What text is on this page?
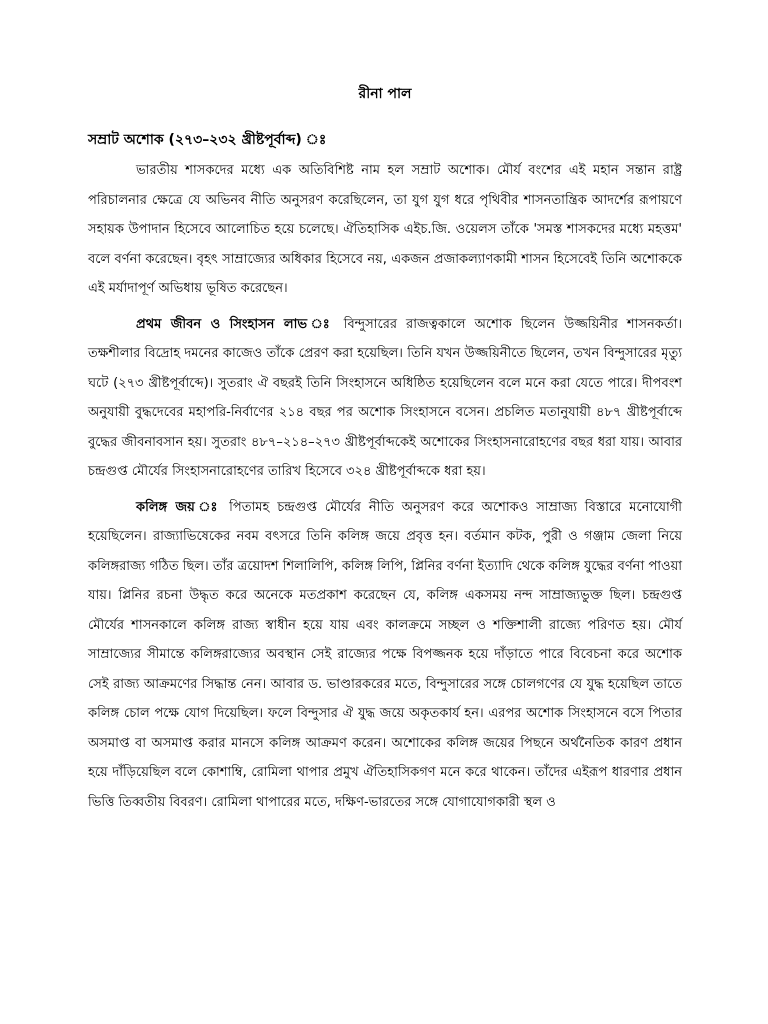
রীনা পাল
সম্রাট অশোক (২৭৩–২৩২ খ্রীষ্টপূর্বাব্দ) ঃ

ভারতীয় শাসকদের মধ্যে এক অতিবিশিষ্ট নাম হল সম্রাট অশোক। মৌর্য বংশের এই মহান সন্তান রাষ্ট্র পরিচালনার ক্ষেত্রে যে অভিনব নীতি অনুসরণ করেছিলেন, তা যুগ যুগ ধরে পৃথিবীর শাসনতান্ত্রিক আদর্শের রূপায়ণে সহায়ক উপাদান হিসেবে আলোচিত হয়ে চলেছে। ঐতিহাসিক এইচ.জি. ওয়েলস তাঁকে 'সমস্ত শাসকদের মধ্যে মহত্তম' বলে বর্ণনা করেছেন। বৃহৎ সাম্রাজ্যের অধিকার হিসেবে নয়, একজন প্রজাকল্যাণকামী শাসন হিসেবেই তিনি অশোককে এই মর্যাদাপূর্ণ অভিধায় ভূষিত করেছেন।

প্রথম জীবন ও সিংহাসন লাভ ঃ বিন্দুসারের রাজত্বকালে অশোক ছিলেন উজ্জয়িনীর শাসনকর্তা। তক্ষশীলার বিদ্রোহ দমনের কাজেও তাঁকে প্রেরণ করা হয়েছিল। তিনি যখন উজ্জয়িনীতে ছিলেন, তখন বিন্দুসারের মৃত্যু ঘটে (২৭৩ খ্রীষ্টপূর্বাব্দে)। সুতরাং ঐ বছরই তিনি সিংহাসনে অধিষ্ঠিত হয়েছিলেন বলে মনে করা যেতে পারে। দীপবংশ অনুযায়ী বুদ্ধদেবের মহাপরি-নির্বাণের ২১৪ বছর পর অশোক সিংহাসনে বসেন। প্রচলিত মতানুযায়ী ৪৮৭ খ্রীষ্টপূর্বাব্দে বুদ্ধের জীবনাবসান হয়। সুতরাং ৪৮৭–২১৪–২৭৩ খ্রীষ্টপূর্বাব্দকেই অশোকের সিংহাসনারোহণের বছর ধরা যায়। আবার চন্দ্রগুপ্ত মৌর্যের সিংহাসনারোহণের তারিখ হিসেবে ৩২৪ খ্রীষ্টপূর্বাব্দকে ধরা হয়।

কলিঙ্গ জয় ঃ পিতামহ চন্দ্রগুপ্ত মৌর্যের নীতি অনুসরণ করে অশোকও সাম্রাজ্য বিস্তারে মনোযোগী হয়েছিলেন। রাজ্যাভিষেকের নবম বৎসরে তিনি কলিঙ্গ জয়ে প্রবৃত্ত হন। বর্তমান কটক, পুরী ও গঞ্জাম জেলা নিয়ে কলিঙ্গরাজ্য গঠিত ছিল। তাঁর ত্রয়োদশ শিলালিপি, কলিঙ্গ লিপি, প্লিনির বর্ণনা ইত্যাদি থেকে কলিঙ্গ যুদ্ধের বর্ণনা পাওয়া যায়। প্লিনির রচনা উদ্ধৃত করে অনেকে মতপ্রকাশ করেছেন যে, কলিঙ্গ একসময় নন্দ সাম্রাজ্যভুক্ত ছিল। চন্দ্রগুপ্ত মৌর্যের শাসনকালে কলিঙ্গ রাজ্য স্বাধীন হয়ে যায় এবং কালক্রমে সচ্ছল ও শক্তিশালী রাজ্যে পরিণত হয়। মৌর্য সাম্রাজ্যের সীমান্তে কলিঙ্গরাজ্যের অবস্থান সেই রাজ্যের পক্ষে বিপজ্জনক হয়ে দাঁড়াতে পারে বিবেচনা করে অশোক সেই রাজ্য আক্রমণের সিদ্ধান্ত নেন। আবার ড. ভাণ্ডারকরের মতে, বিন্দুসারের সঙ্গে চোলগণের যে যুদ্ধ হয়েছিল তাতে কলিঙ্গ চোল পক্ষে যোগ দিয়েছিল। ফলে বিন্দুসার ঐ যুদ্ধ জয়ে অকৃতকার্য হন। এরপর অশোক সিংহাসনে বসে পিতার অসমাপ্ত বা অসমাপ্ত করার মানসে কলিঙ্গ আক্রমণ করেন। অশোকের কলিঙ্গ জয়ের পিছনে অর্থনৈতিক কারণ প্রধান হয়ে দাঁড়িয়েছিল বলে কোশাম্বি, রোমিলা থাপার প্রমুখ ঐতিহাসিকগণ মনে করে থাকেন। তাঁদের এইরূপ ধারণার প্রধান ভিত্তি তিব্বতীয় বিবরণ। রোমিলা থাপারের মতে, দক্ষিণ-ভারতের সঙ্গে যোগাযোগকারী স্থল ও
